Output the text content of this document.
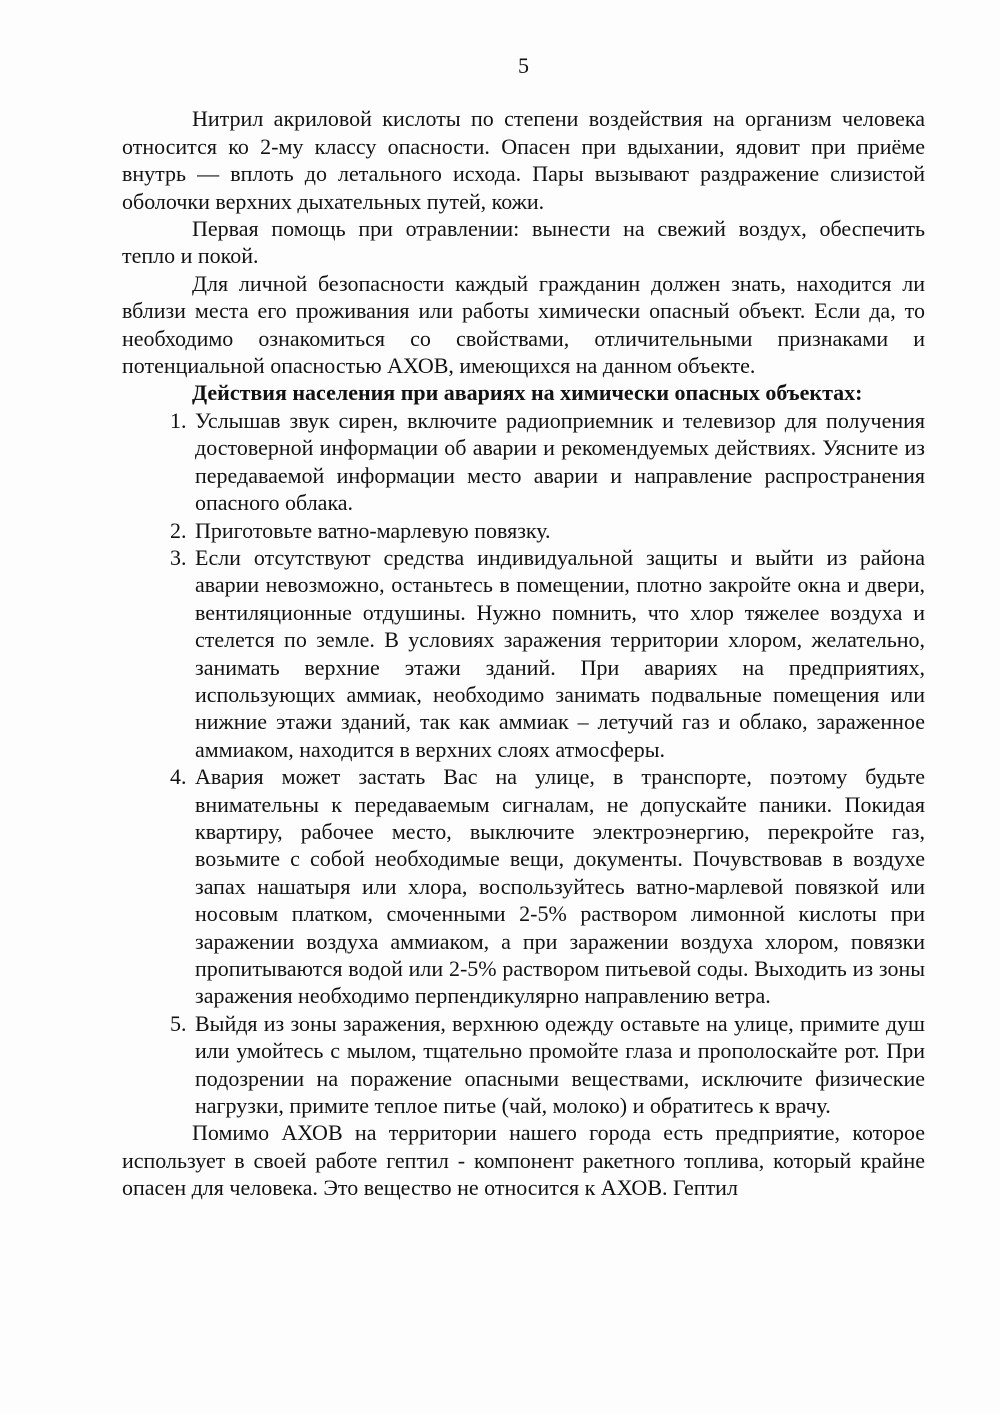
5

Нитрил акриловой кислоты по степени воздействия на организм человека относится ко 2-му классу опасности. Опасен при вдыхании, ядовит при приёме внутрь — вплоть до летального исхода. Пары вызывают раздражение слизистой оболочки верхних дыхательных путей, кожи.

Первая помощь при отравлении: вынести на свежий воздух, обеспечить тепло и покой.

Для личной безопасности каждый гражданин должен знать, находится ли вблизи места его проживания или работы химически опасный объект. Если да, то необходимо ознакомиться со свойствами, отличительными признаками и потенциальной опасностью АХОВ, имеющихся на данном объекте.

Действия населения при авариях на химически опасных объектах:

1. Услышав звук сирен, включите радиоприемник и телевизор для получения достоверной информации об аварии и рекомендуемых действиях. Уясните из передаваемой информации место аварии и направление распространения опасного облака.
2. Приготовьте ватно-марлевую повязку.
3. Если отсутствуют средства индивидуальной защиты и выйти из района аварии невозможно, останьтесь в помещении, плотно закройте окна и двери, вентиляционные отдушины. Нужно помнить, что хлор тяжелее воздуха и стелется по земле. В условиях заражения территории хлором, желательно, занимать верхние этажи зданий. При авариях на предприятиях, использующих аммиак, необходимо занимать подвальные помещения или нижние этажи зданий, так как аммиак – летучий газ и облако, зараженное аммиаком, находится в верхних слоях атмосферы.
4. Авария может застать Вас на улице, в транспорте, поэтому будьте внимательны к передаваемым сигналам, не допускайте паники. Покидая квартиру, рабочее место, выключите электроэнергию, перекройте газ, возьмите с собой необходимые вещи, документы. Почувствовав в воздухе запах нашатыря или хлора, воспользуйтесь ватно-марлевой повязкой или носовым платком, смоченными 2-5% раствором лимонной кислоты при заражении воздуха аммиаком, а при заражении воздуха хлором, повязки пропитываются водой или 2-5% раствором питьевой соды. Выходить из зоны заражения необходимо перпендикулярно направлению ветра.
5. Выйдя из зоны заражения, верхнюю одежду оставьте на улице, примите душ или умойтесь с мылом, тщательно промойте глаза и прополоскайте рот. При подозрении на поражение опасными веществами, исключите физические нагрузки, примите теплое питье (чай, молоко) и обратитесь к врачу.

Помимо АХОВ на территории нашего города есть предприятие, которое использует в своей работе гептил - компонент ракетного топлива, который крайне опасен для человека. Это вещество не относится к АХОВ. Гептил
